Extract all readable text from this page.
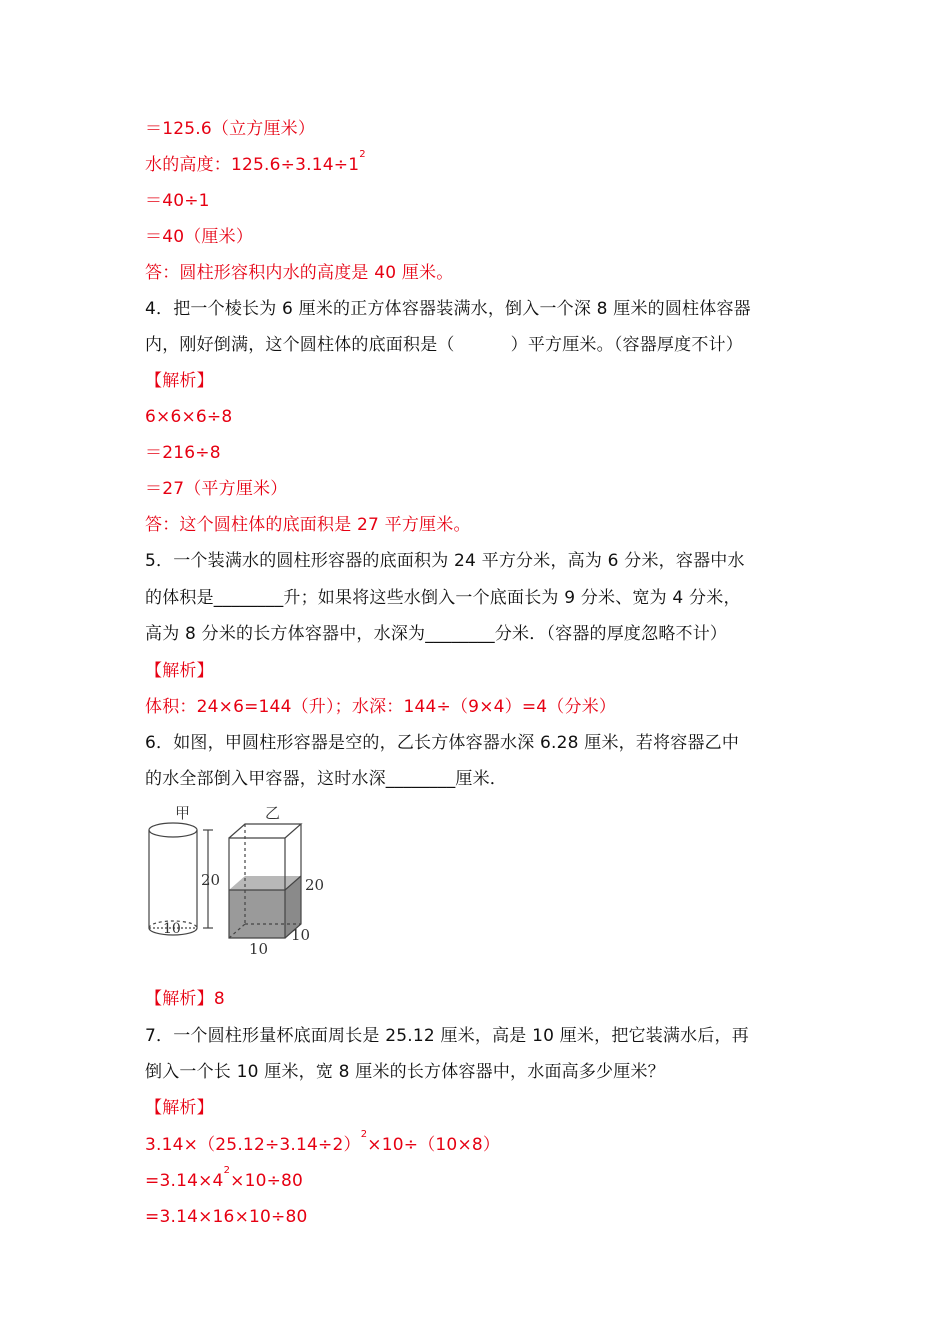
＝125.6（立方厘米）
水的高度：$125.6\div 3.14\div 1^2$
＝40÷1
＝40（厘米）
答：圆柱形容积内水的高度是 40 厘米。
4．把一个棱长为 6 厘米的正方体容器装满水，倒入一个深 8 厘米的圆柱体容器
内，刚好倒满，这个圆柱体的底面积是（          ）平方厘米。（容器厚度不计）
【解析】
6×6×6÷8
＝216÷8
＝27（平方厘米）
答：这个圆柱体的底面积是 27 平方厘米。
5．一个装满水的圆柱形容器的底面积为 24 平方分米，高为 6 分米，容器中水
的体积是________升；如果将这些水倒入一个底面长为 9 分米、宽为 4 分米，
高为 8 分米的长方体容器中，水深为________分米．（容器的厚度忽略不计）
【解析】
体积：24×6=144（升）；水深：144÷（9×4）=4（分米）
6．如图，甲圆柱形容器是空的，乙长方体容器水深 6.28 厘米，若将容器乙中
的水全部倒入甲容器，这时水深________厘米．
甲	乙
20
10
20
10
10
【解析】8
7．一个圆柱形量杯底面周长是 25.12 厘米，高是 10 厘米，把它装满水后，再
倒入一个长 10 厘米，宽 8 厘米的长方体容器中，水面高多少厘米？
【解析】
$3.14\times(25.12\div 3.14\div 2)^2\times 10\div(10\times 8)$
$=3.14\times 4^2\times 10\div 80$
=3.14×16×10÷80
